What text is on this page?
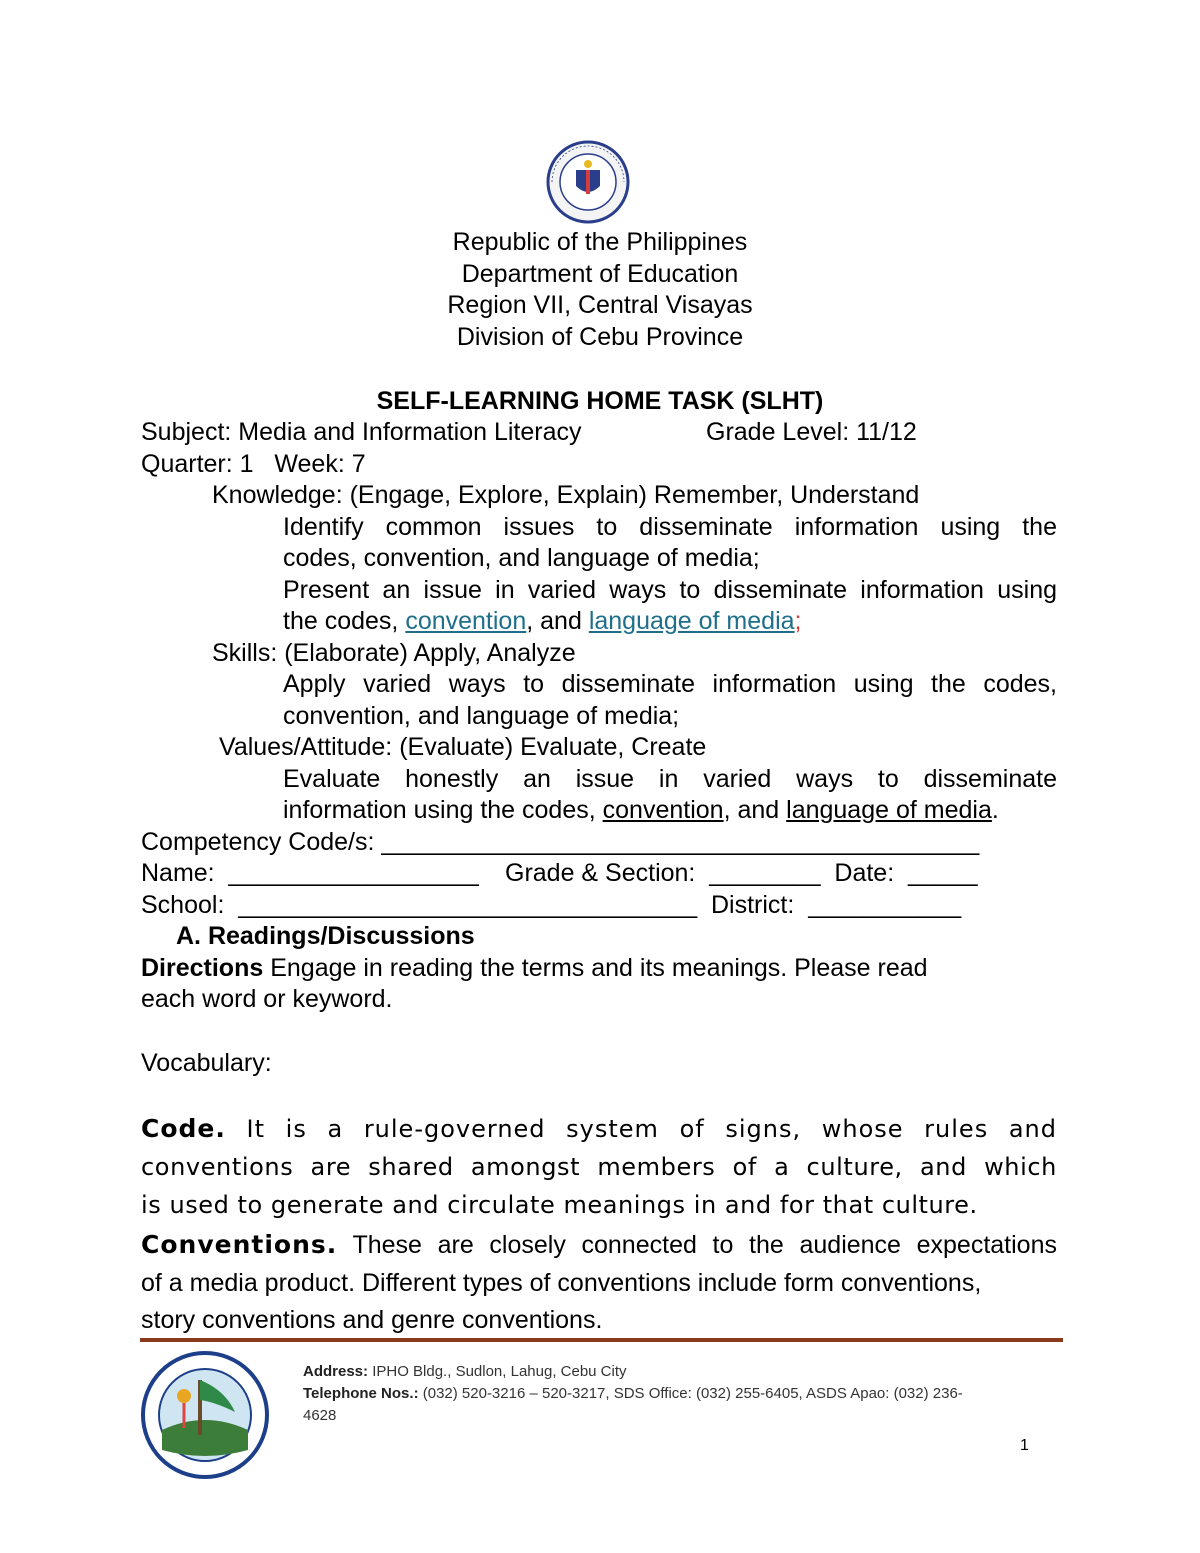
Republic of the Philippines
Department of Education
Region VII, Central Visayas
Division of Cebu Province
SELF-LEARNING HOME TASK (SLHT)
Subject: Media and Information Literacy	Grade Level: 11/12
Quarter: 1   Week: 7
Knowledge: (Engage, Explore, Explain) Remember, Understand
Identify common issues to disseminate information using the
codes, convention, and language of media;
Present an issue in varied ways to disseminate information using
the codes, convention, and language of media;
Skills: (Elaborate) Apply, Analyze
Apply varied ways to disseminate information using the codes,
convention, and language of media;
Values/Attitude: (Evaluate) Evaluate, Create
Evaluate honestly an issue in varied ways to disseminate
information using the codes, convention, and language of media.
Competency Code/s: ___________________________________________
Name:  __________________ Grade & Section:  ________  Date:  _____
School:  _________________________________  District:  ___________
A. Readings/Discussions
Directions Engage in reading the terms and its meanings. Please read
each word or keyword.
Vocabulary:
Code. It is a rule-governed system of signs, whose rules and
conventions are shared amongst members of a culture, and which
is used to generate and circulate meanings in and for that culture.
Conventions. These are closely connected to the audience expectations
of a media product. Different types of conventions include form conventions,
story conventions and genre conventions.
Address: IPHO Bldg., Sudlon, Lahug, Cebu City
Telephone Nos.: (032) 520-3216 – 520-3217, SDS Office: (032) 255-6405, ASDS Apao: (032) 236-
4628
1
